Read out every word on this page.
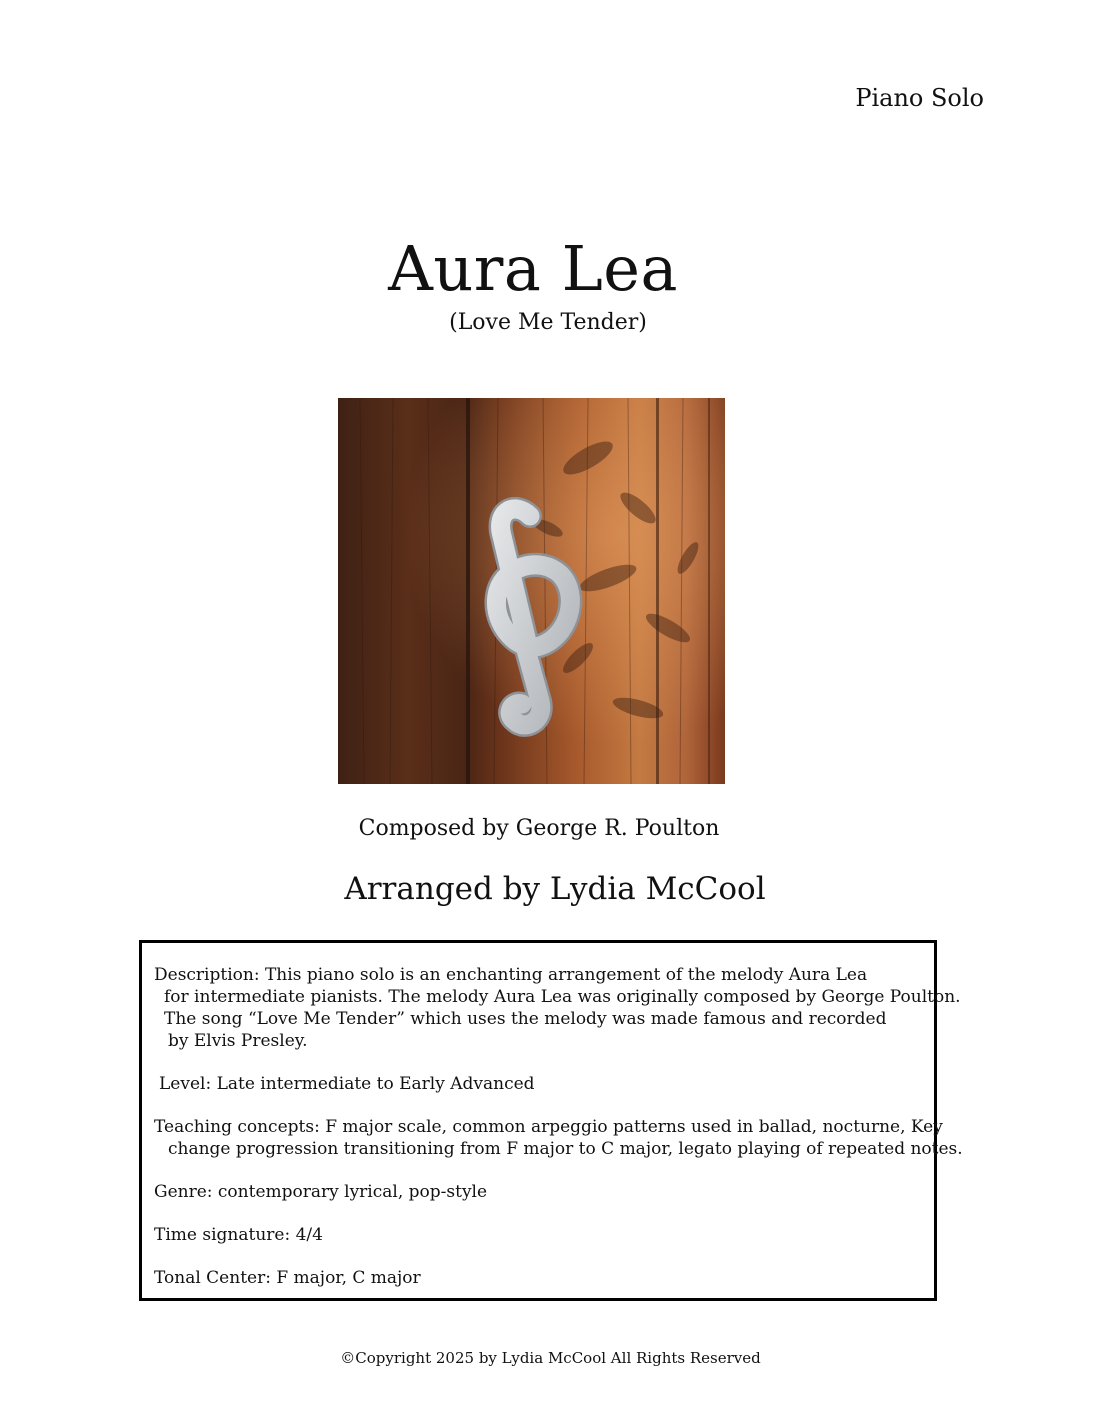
Piano Solo
Aura Lea
(Love Me Tender)
Composed by George R. Poulton
Arranged by Lydia McCool

Description: This piano solo is an enchanting arrangement of the melody Aura Lea

for intermediate pianists. The melody Aura Lea was originally composed by George Poulton.

The song “Love Me Tender” which uses the melody was made famous and recorded

by Elvis Presley.

Level: Late intermediate to Early Advanced

Teaching concepts: F major scale, common arpeggio patterns used in ballad, nocturne, Key

change progression transitioning from F major to C major, legato playing of repeated notes.

Genre: contemporary lyrical, pop-style

Time signature: 4/4

Tonal Center: F major, C major

©Copyright 2025 by Lydia McCool All Rights Reserved
